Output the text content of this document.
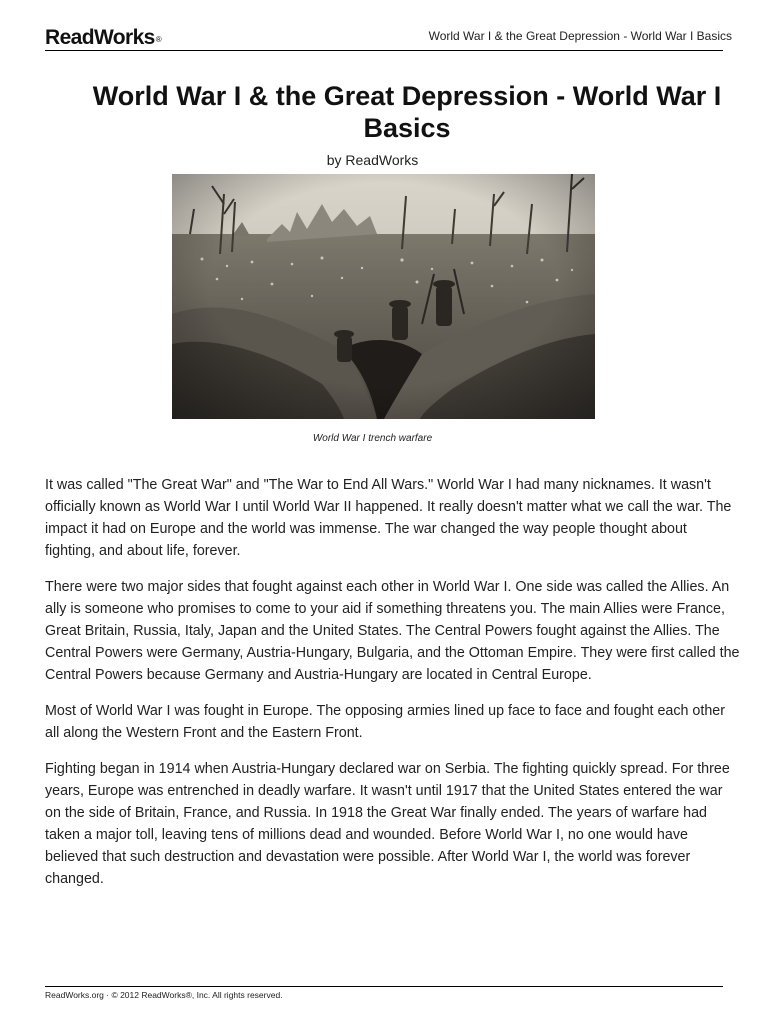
ReadWorks®	World War I & the Great Depression - World War I Basics
World War I & the Great Depression - World War I Basics
by ReadWorks
World War I trench warfare

It was called "The Great War" and "The War to End All Wars." World War I had many nicknames. It wasn't officially known as World War I until World War II happened. It really doesn't matter what we call the war. The impact it had on Europe and the world was immense. The war changed the way people thought about fighting, and about life, forever.

There were two major sides that fought against each other in World War I. One side was called the Allies. An ally is someone who promises to come to your aid if something threatens you. The main Allies were France, Great Britain, Russia, Italy, Japan and the United States. The Central Powers fought against the Allies. The Central Powers were Germany, Austria-Hungary, Bulgaria, and the Ottoman Empire. They were first called the Central Powers because Germany and Austria-Hungary are located in Central Europe.

Most of World War I was fought in Europe. The opposing armies lined up face to face and fought each other all along the Western Front and the Eastern Front.

Fighting began in 1914 when Austria-Hungary declared war on Serbia. The fighting quickly spread. For three years, Europe was entrenched in deadly warfare. It wasn't until 1917 that the United States entered the war on the side of Britain, France, and Russia. In 1918 the Great War finally ended. The years of warfare had taken a major toll, leaving tens of millions dead and wounded. Before World War I, no one would have believed that such destruction and devastation were possible. After World War I, the world was forever changed.

ReadWorks.org · © 2012 ReadWorks®, Inc. All rights reserved.
